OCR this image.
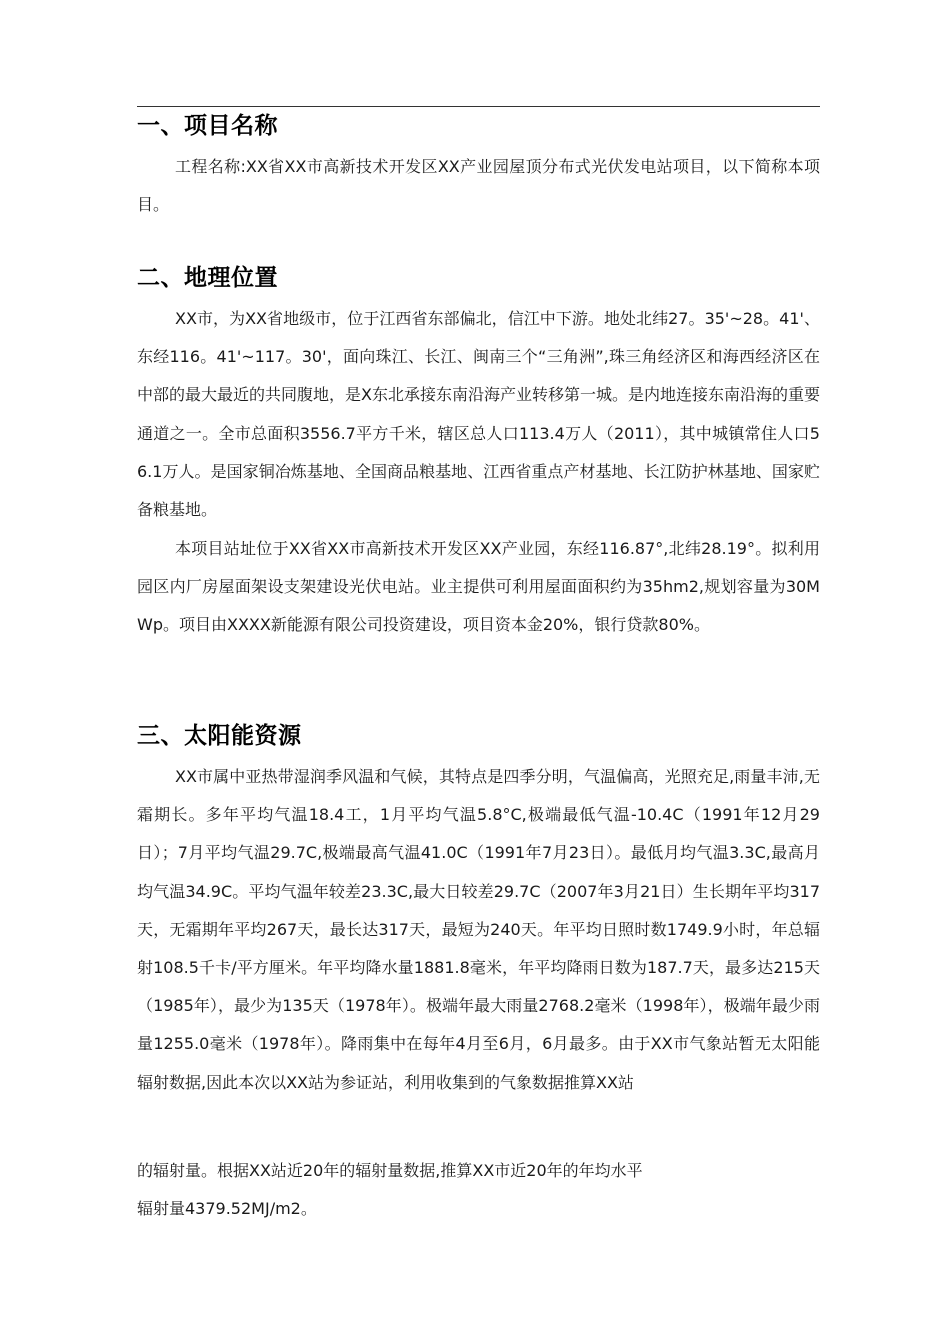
一、项目名称

工程名称:XX省XX市高新技术开发区XX产业园屋顶分布式光伏发电站项目，以下简称本项目。

二、地理位置

XX市，为XX省地级市，位于江西省东部偏北，信江中下游。地处北纬27。35'~28。41'、东经116。41'~117。30'，面向珠江、长江、闽南三个“三角洲”,珠三角经济区和海西经济区在中部的最大最近的共同腹地，是X东北承接东南沿海产业转移第一城。是内地连接东南沿海的重要通道之一。全市总面积3556.7平方千米，辖区总人口113.4万人（2011），其中城镇常住人口56.1万人。是国家铜冶炼基地、全国商品粮基地、江西省重点产材基地、长江防护林基地、国家贮备粮基地。

本项目站址位于XX省XX市高新技术开发区XX产业园，东经116.87°,北纬28.19°。拟利用园区内厂房屋面架设支架建设光伏电站。业主提供可利用屋面面积约为35hm2,规划容量为30MWp。项目由XXXX新能源有限公司投资建设，项目资本金20%，银行贷款80%。

三、太阳能资源

XX市属中亚热带湿润季风温和气候，其特点是四季分明，气温偏高，光照充足,雨量丰沛,无霜期长。多年平均气温18.4工，1月平均气温5.8°C,极端最低气温-10.4C（1991年12月29日）；7月平均气温29.7C,极端最高气温41.0C（1991年7月23日）。最低月均气温3.3C,最高月均气温34.9C。平均气温年较差23.3C,最大日较差29.7C（2007年3月21日）生长期年平均317天，无霜期年平均267天，最长达317天，最短为240天。年平均日照时数1749.9小时，年总辐射108.5千卡/平方厘米。年平均降水量1881.8毫米，年平均降雨日数为187.7天，最多达215天（1985年），最少为135天（1978年）。极端年最大雨量2768.2毫米（1998年），极端年最少雨量1255.0毫米（1978年）。降雨集中在每年4月至6月，6月最多。由于XX市气象站暂无太阳能辐射数据,因此本次以XX站为参证站，利用收集到的气象数据推算XX站

的辐射量。根据XX站近20年的辐射量数据,推算XX市近20年的年均水平

辐射量4379.52MJ/m2。
